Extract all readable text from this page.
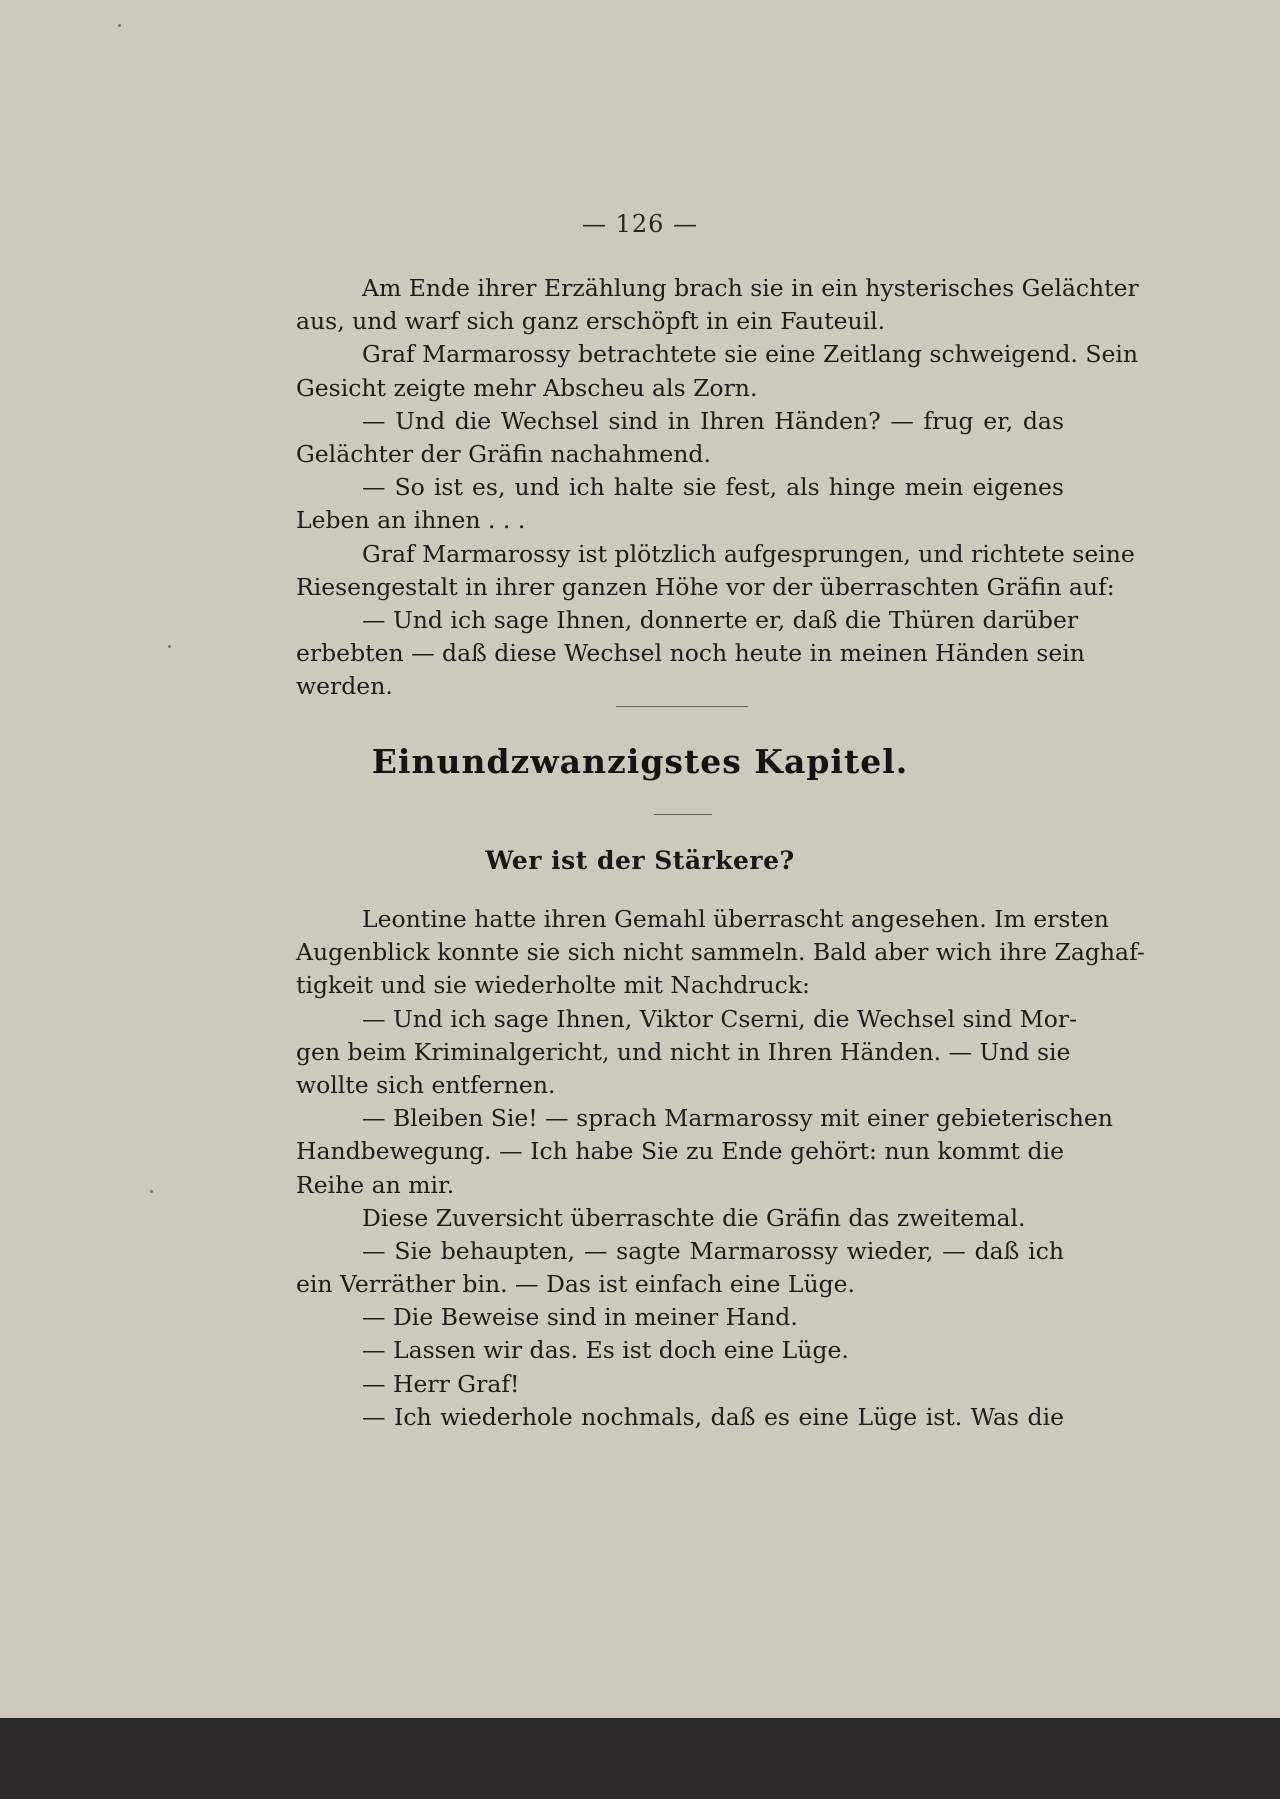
— 126 —
Am Ende ihrer Erzählung brach sie in ein hysterisches Gelächter
aus, und warf sich ganz erschöpft in ein Fauteuil.
Graf Marmarossy betrachtete sie eine Zeitlang schweigend. Sein
Gesicht zeigte mehr Abscheu als Zorn.
— Und die Wechsel sind in Ihren Händen? — frug er, das
Gelächter der Gräfin nachahmend.
— So ist es, und ich halte sie fest, als hinge mein eigenes
Leben an ihnen . . .
Graf Marmarossy ist plötzlich aufgesprungen, und richtete seine
Riesengestalt in ihrer ganzen Höhe vor der überraschten Gräfin auf:
— Und ich sage Ihnen, donnerte er, daß die Thüren darüber
erbebten — daß diese Wechsel noch heute in meinen Händen sein
werden.
Einundzwanzigstes Kapitel.
Wer ist der Stärkere?
Leontine hatte ihren Gemahl überrascht angesehen. Im ersten
Augenblick konnte sie sich nicht sammeln. Bald aber wich ihre Zaghaf-
tigkeit und sie wiederholte mit Nachdruck:
— Und ich sage Ihnen, Viktor Cserni, die Wechsel sind Mor-
gen beim Kriminalgericht, und nicht in Ihren Händen. — Und sie
wollte sich entfernen.
— Bleiben Sie! — sprach Marmarossy mit einer gebieterischen
Handbewegung. — Ich habe Sie zu Ende gehört: nun kommt die
Reihe an mir.
Diese Zuversicht überraschte die Gräfin das zweitemal.
— Sie behaupten, — sagte Marmarossy wieder, — daß ich
ein Verräther bin. — Das ist einfach eine Lüge.
— Die Beweise sind in meiner Hand.
— Lassen wir das. Es ist doch eine Lüge.
— Herr Graf!
— Ich wiederhole nochmals, daß es eine Lüge ist. Was die
